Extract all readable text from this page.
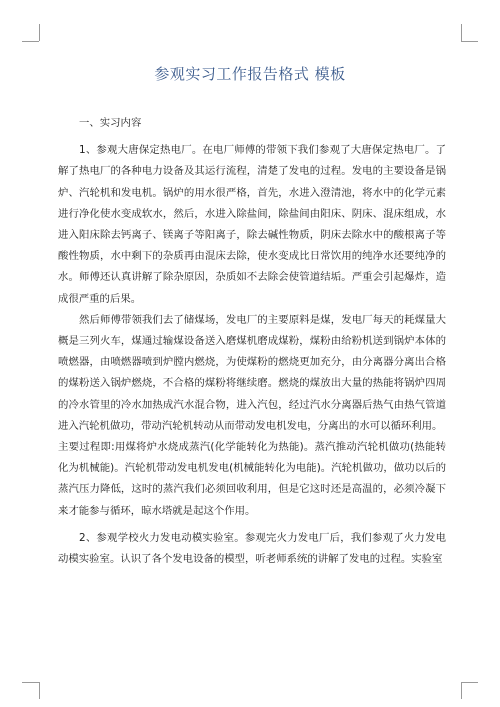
参观实习工作报告格式 模板

一、实习内容

1、参观大唐保定热电厂。在电厂师傅的带领下我们参观了大唐保定热电厂。了解了热电厂的各种电力设备及其运行流程，清楚了发电的过程。发电的主要设备是锅炉、汽轮机和发电机。锅炉的用水很严格，首先，水进入澄清池，将水中的化学元素进行净化使水变成软水，然后，水进入除盐间，除盐间由阳床、阴床、混床组成，水进入阳床除去钙离子、镁离子等阳离子，除去碱性物质，阴床去除水中的酸根离子等酸性物质，水中剩下的杂质再由混床去除，使水变成比日常饮用的纯净水还要纯净的水。师傅还认真讲解了除杂原因，杂质如不去除会使管道结垢。严重会引起爆炸，造成很严重的后果。

然后师傅带领我们去了储煤场，发电厂的主要原料是煤，发电厂每天的耗煤量大概是三列火车，煤通过输煤设备送入磨煤机磨成煤粉，煤粉由给粉机送到锅炉本体的喷燃器，由喷燃器喷到炉膛内燃烧，为使煤粉的燃烧更加充分，由分离器分离出合格的煤粉送入锅炉燃烧，不合格的煤粉将继续磨。燃烧的煤放出大量的热能将锅炉四周的冷水管里的冷水加热成汽水混合物，进入汽包，经过汽水分离器后热气由热气管道进入汽轮机做功，带动汽轮机转动从而带动发电机发电，分离出的水可以循环利用。

主要过程即:用煤将炉水烧成蒸汽(化学能转化为热能)。蒸汽推动汽轮机做功(热能转化为机械能)。汽轮机带动发电机发电(机械能转化为电能)。汽轮机做功，做功以后的蒸汽压力降低，这时的蒸汽我们必须回收利用，但是它这时还是高温的，必须冷凝下来才能参与循环，晾水塔就是起这个作用。

2、参观学校火力发电动模实验室。参观完火力发电厂后，我们参观了火力发电动模实验室。认识了各个发电设备的模型，听老师系统的讲解了发电的过程。实验室
